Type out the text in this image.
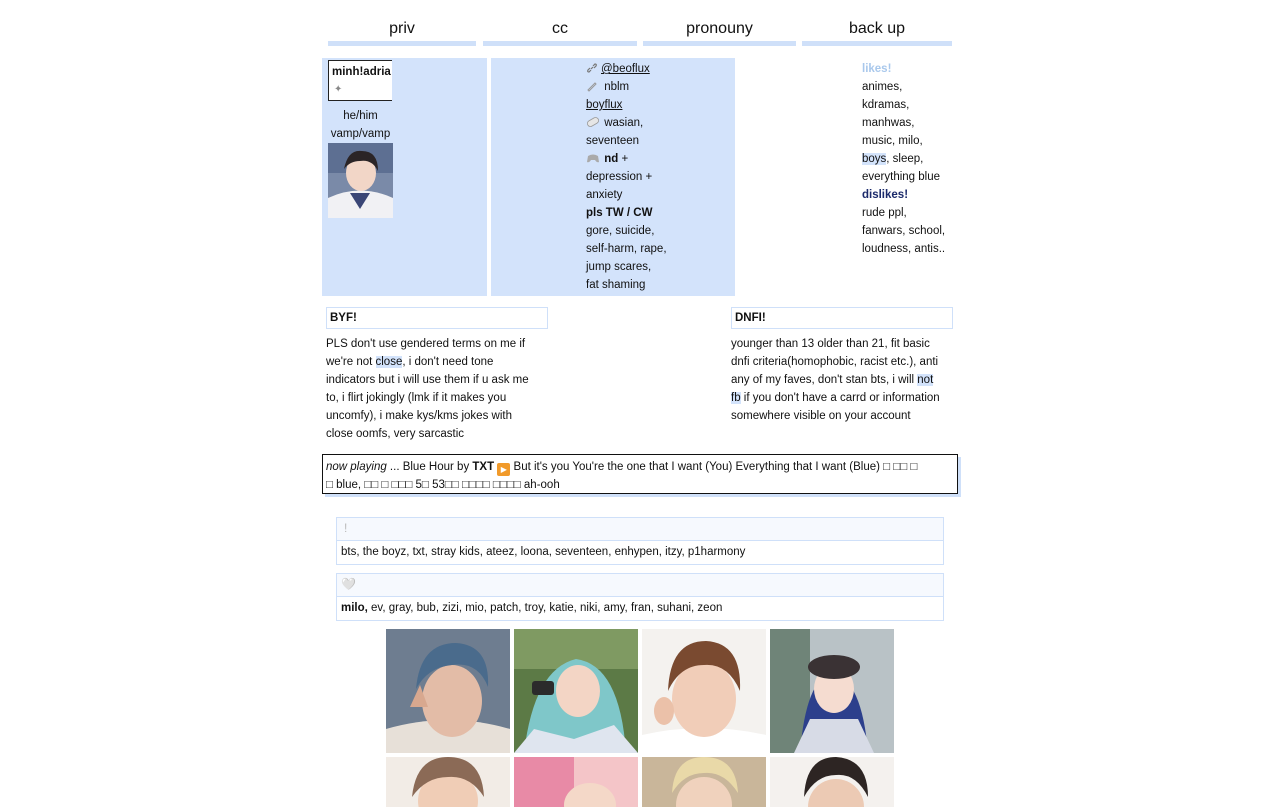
priv	cc	pronouny	back up
minh!adria
✦
he/him
vamp/vamp
@beoflux
nblm
boyflux
wasian,
seventeen
nd +
depression +
anxiety
pls TW / CW
gore, suicide,
self-harm, rape,
jump scares,
fat shaming
likes!
animes,
kdramas,
manhwas,
music, milo,
boys, sleep,
everything blue
dislikes!
rude ppl,
fanwars, school,
loudness, antis..
BYF!
PLS don't use gendered terms on me if
we're not close, i don't need tone
indicators but i will use them if u ask me
to, i flirt jokingly (lmk if it makes you
uncomfy), i make kys/kms jokes with
close oomfs, very sarcastic
DNFI!
younger than 13 older than 21, fit basic
dnfi criteria(homophobic, racist etc.), anti
any of my faves, don't stan bts, i will not
fb if you don't have a carrd or information
somewhere visible on your account
now playing ... Blue Hour by TXT ▶ But it's you You're the one that I want (You) Everything that I want (Blue) □ □□ □
□ blue, □□ □ □□□ 5□ 53□□ □□□□ □□□□ ah-ooh
!
bts, the boyz, txt, stray kids, ateez, loona, seventeen, enhypen, itzy, p1harmony
🤍
milo, ev, gray, bub, zizi, mio, patch, troy, katie, niki, amy, fran, suhani, zeon
